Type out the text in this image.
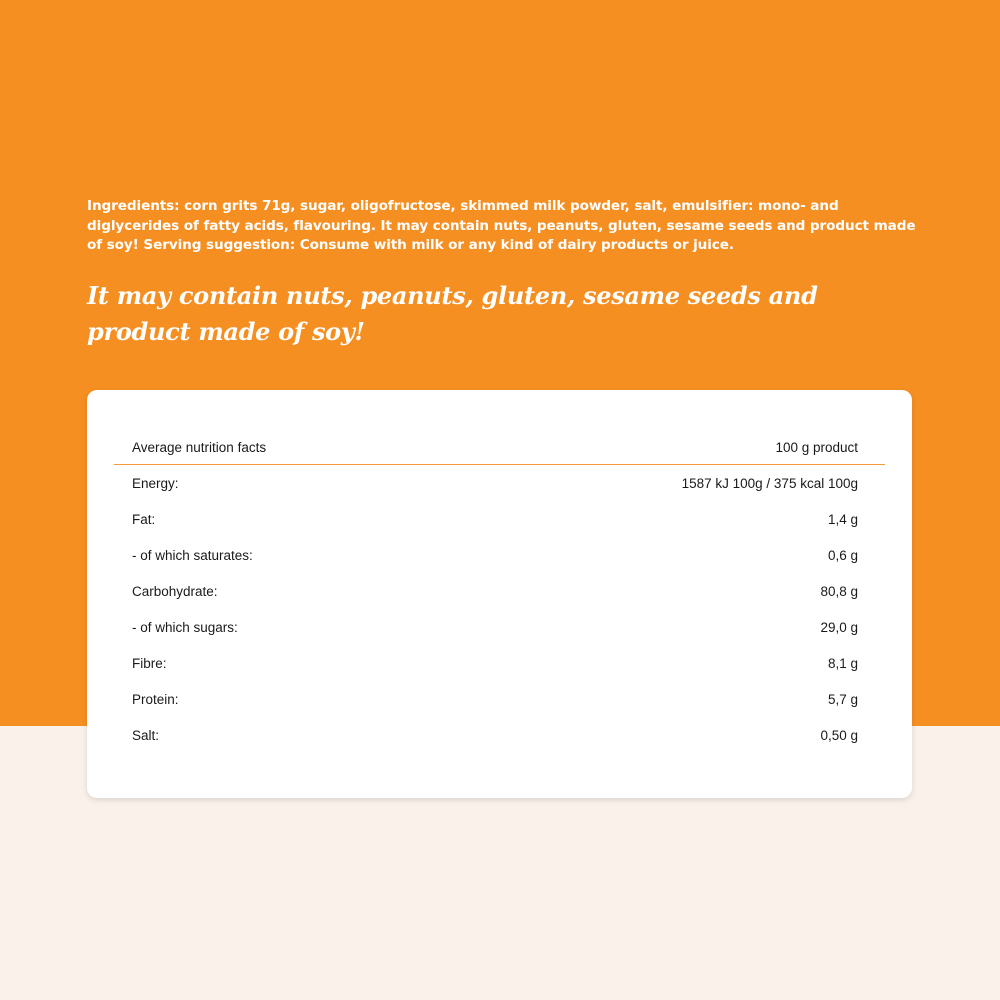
Ingredients: corn grits 71g, sugar, oligofructose, skimmed milk powder, salt, emulsifier: mono- and diglycerides of fatty acids, flavouring. It may contain nuts, peanuts, gluten, sesame seeds and product made of soy! Serving suggestion: Consume with milk or any kind of dairy products or juice.

It may contain nuts, peanuts, gluten, sesame seeds and product made of soy!

Average nutrition facts	100 g product
Energy:	1587 kJ 100g / 375 kcal 100g
Fat:	1,4 g
- of which saturates:	0,6 g
Carbohydrate:	80,8 g
- of which sugars:	29,0 g
Fibre:	8,1 g
Protein:	5,7 g
Salt:	0,50 g
